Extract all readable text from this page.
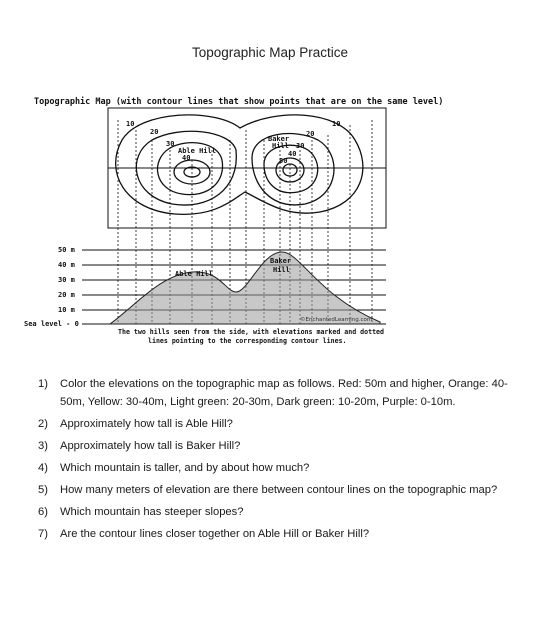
Topographic Map Practice
Topographic Map (with contour lines that show points that are on the same level)
10	10
20	20
30	30
40	40
50
Able Hill
Baker
Hill
50 m
40 m
30 m
20 m
10 m
Sea level - 0
Able Hill
Baker
Hill
©EnchantedLearning.com
The two hills seen from the side, with elevations marked and dotted
lines pointing to the corresponding contour lines.
1)	Color the elevations on the topographic map as follows. Red: 50m and higher, Orange: 40-50m, Yellow: 30-40m, Light green: 20-30m, Dark green: 10-20m, Purple: 0-10m.
2)	Approximately how tall is Able Hill?
3)	Approximately how tall is Baker Hill?
4)	Which mountain is taller, and by about how much?
5)	How many meters of elevation are there between contour lines on the topographic map?
6)	Which mountain has steeper slopes?
7)	Are the contour lines closer together on Able Hill or Baker Hill?
